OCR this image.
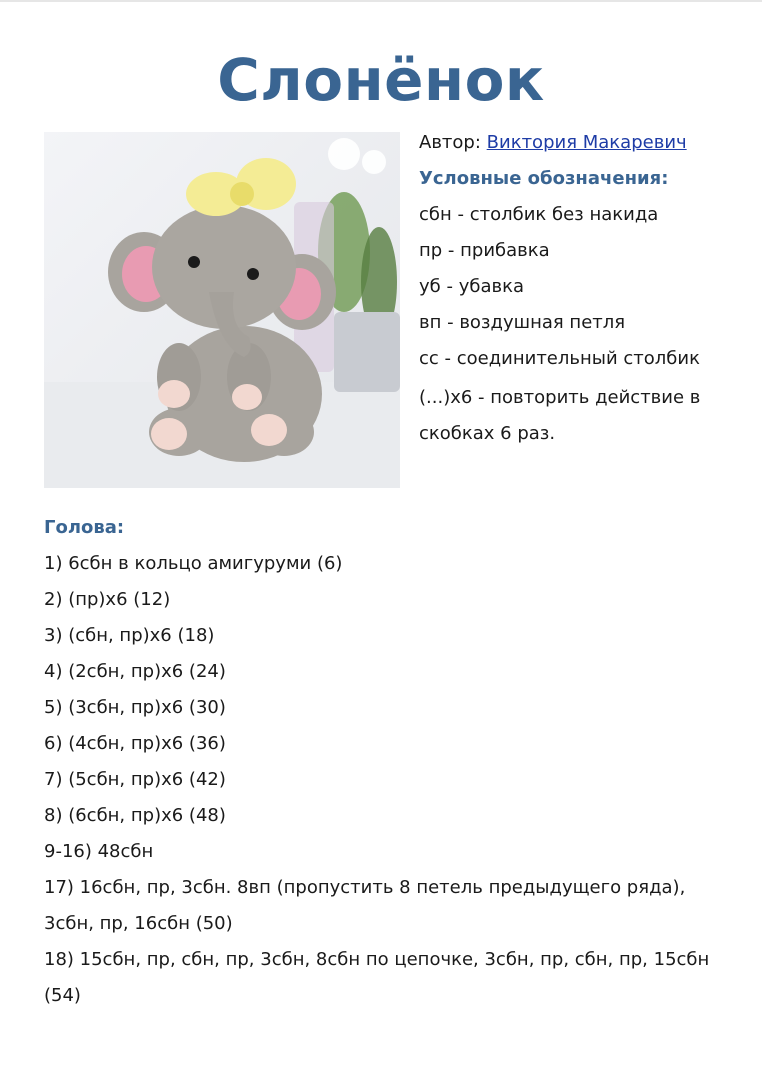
Слонёнок
Автор: Виктория Макаревич
Условные обозначения:
сбн - столбик без накида
пр - прибавка
уб - убавка
вп - воздушная петля
сс - соединительный столбик
(...)х6 - повторить действие в скобках 6 раз.
Голова:
1) 6сбн в кольцо амигуруми (6)
2) (пр)х6 (12)
3) (сбн, пр)х6 (18)
4) (2сбн, пр)х6 (24)
5) (3сбн, пр)х6 (30)
6) (4сбн, пр)х6 (36)
7) (5сбн, пр)х6 (42)
8) (6сбн, пр)х6 (48)
9-16) 48сбн
17) 16сбн, пр, 3сбн. 8вп (пропустить 8 петель предыдущего ряда), 3сбн, пр, 16сбн (50)
18) 15сбн, пр, сбн, пр, 3сбн, 8сбн по цепочке, 3сбн, пр, сбн, пр, 15сбн (54)
